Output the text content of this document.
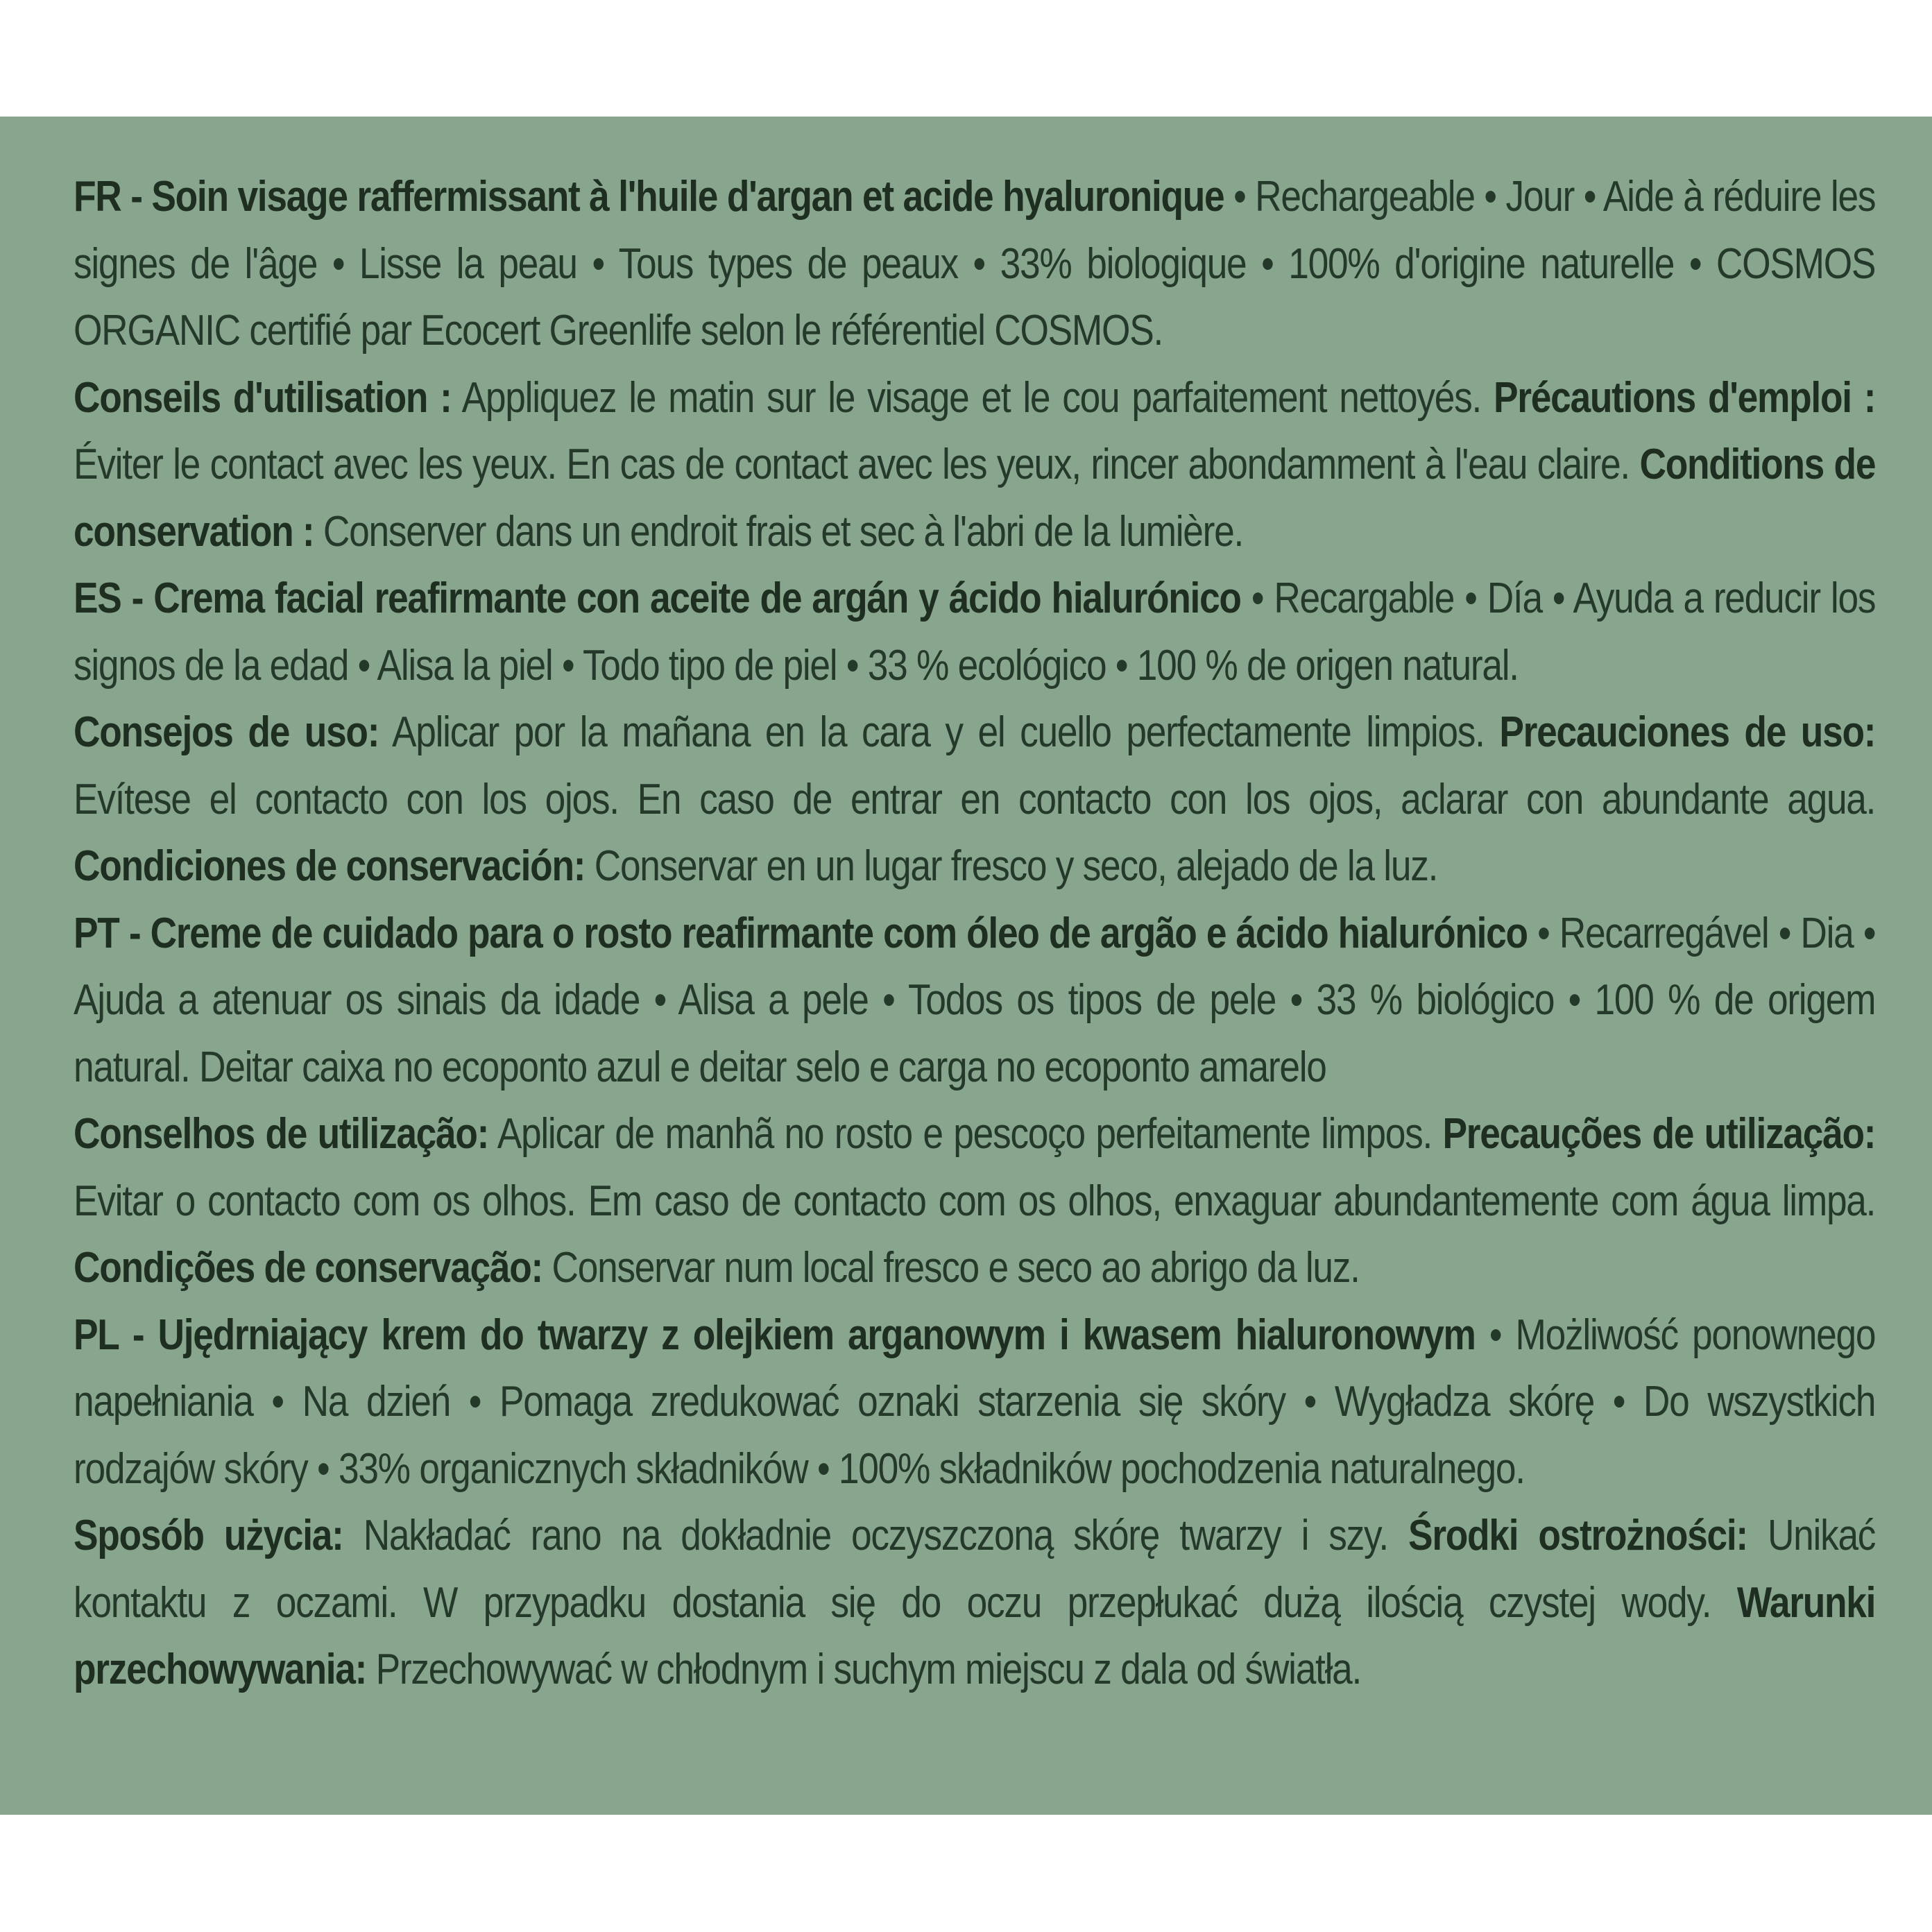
FR - Soin visage raffermissant à l'huile d'argan et acide hyaluronique • Rechargeable • Jour • Aide à réduire les signes de l'âge • Lisse la peau • Tous types de peaux • 33% biologique • 100% d'origine naturelle • COSMOS ORGANIC certifié par Ecocert Greenlife selon le référentiel COSMOS.

Conseils d'utilisation : Appliquez le matin sur le visage et le cou parfaitement nettoyés. Précautions d'emploi : Éviter le contact avec les yeux. En cas de contact avec les yeux, rincer abondamment à l'eau claire. Conditions de conservation : Conserver dans un endroit frais et sec à l'abri de la lumière.

ES - Crema facial reafirmante con aceite de argán y ácido hialurónico • Recargable • Día • Ayuda a reducir los signos de la edad • Alisa la piel • Todo tipo de piel • 33 % ecológico • 100 % de origen natural.

Consejos de uso: Aplicar por la mañana en la cara y el cuello perfectamente limpios. Precauciones de uso: Evítese el contacto con los ojos. En caso de entrar en contacto con los ojos, aclarar con abundante agua. Condiciones de conservación: Conservar en un lugar fresco y seco, alejado de la luz.

PT - Creme de cuidado para o rosto reafirmante com óleo de argão e ácido hialurónico • Recarregável • Dia • Ajuda a atenuar os sinais da idade • Alisa a pele • Todos os tipos de pele • 33 % biológico • 100 % de origem natural. Deitar caixa no ecoponto azul e deitar selo e carga no ecoponto amarelo

Conselhos de utilização: Aplicar de manhã no rosto e pescoço perfeitamente limpos. Precauções de utilização: Evitar o contacto com os olhos. Em caso de contacto com os olhos, enxaguar abundantemente com água limpa. Condições de conservação: Conservar num local fresco e seco ao abrigo da luz.

PL - Ujędrniający krem do twarzy z olejkiem arganowym i kwasem hialuronowym • Możliwość ponownego napełniania • Na dzień • Pomaga zredukować oznaki starzenia się skóry • Wygładza skórę • Do wszystkich rodzajów skóry • 33% organicznych składników • 100% składników pochodzenia naturalnego.

Sposób użycia: Nakładać rano na dokładnie oczyszczoną skórę twarzy i szy. Środki ostrożności: Unikać kontaktu z oczami. W przypadku dostania się do oczu przepłukać dużą ilością czystej wody. Warunki przechowywania: Przechowywać w chłodnym i suchym miejscu z dala od światła.
